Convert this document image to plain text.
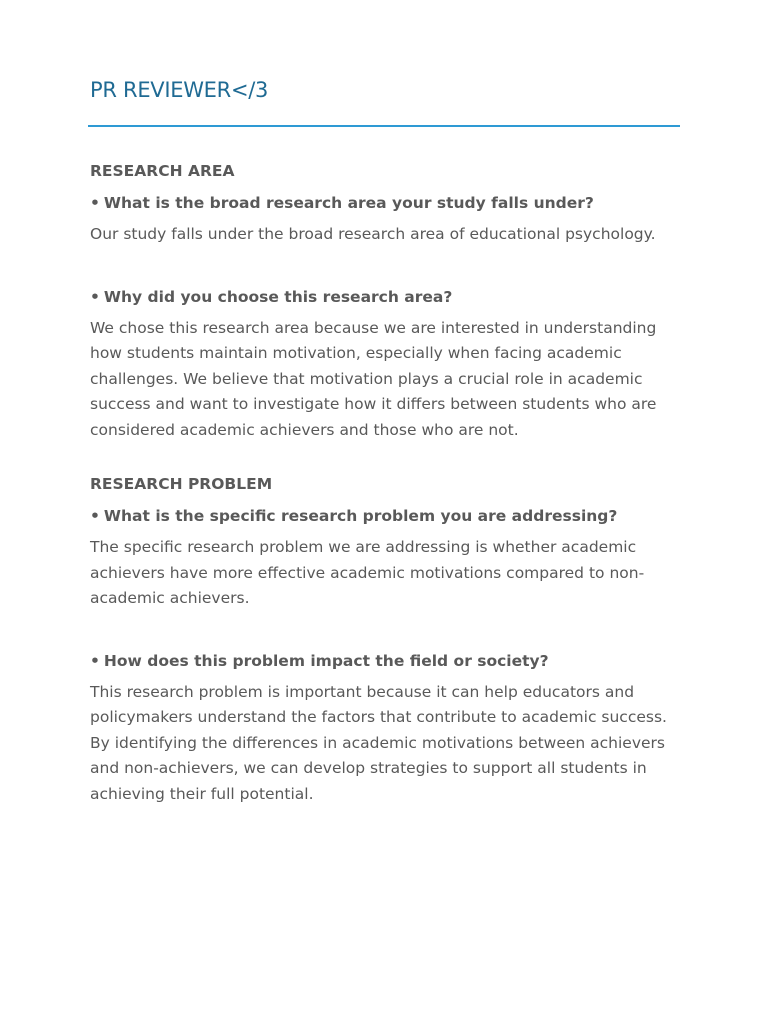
PR REVIEWER</3
RESEARCH AREA

• What is the broad research area your study falls under?

Our study falls under the broad research area of educational psychology.

• Why did you choose this research area?

We chose this research area because we are interested in understanding how students maintain motivation, especially when facing academic challenges. We believe that motivation plays a crucial role in academic success and want to investigate how it differs between students who are considered academic achievers and those who are not.

RESEARCH PROBLEM

• What is the specific research problem you are addressing?

The specific research problem we are addressing is whether academic achievers have more effective academic motivations compared to non-academic achievers.

• How does this problem impact the field or society?

This research problem is important because it can help educators and policymakers understand the factors that contribute to academic success. By identifying the differences in academic motivations between achievers and non-achievers, we can develop strategies to support all students in achieving their full potential.
